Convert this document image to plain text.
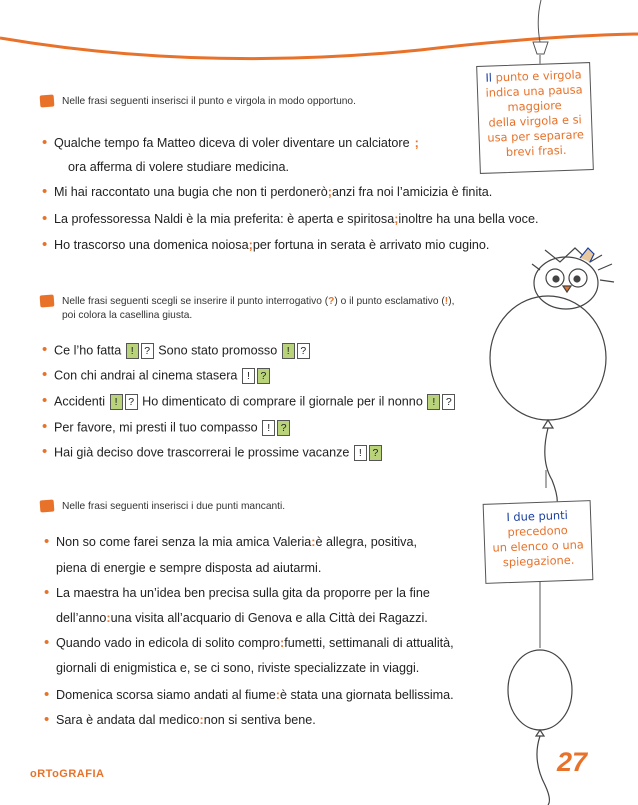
Il punto e virgola
indica una pausa
maggiore
della virgola e si
usa per separare
brevi frasi.
Nelle frasi seguenti inserisci il punto e virgola in modo opportuno.
• Qualche tempo fa Matteo diceva di voler diventare un calciatore ;
ora afferma di volere studiare medicina.
• Mi hai raccontato una bugia che non ti perdonerò;anzi fra noi l’amicizia è finita.
• La professoressa Naldi è la mia preferita: è aperta e spiritosa;inoltre ha una bella voce.
• Ho trascorso una domenica noiosa;per fortuna in serata è arrivato mio cugino.
Nelle frasi seguenti scegli se inserire il punto interrogativo (?) o il punto esclamativo (!),
poi colora la casellina giusta.
• Ce l’ho fatta ! ? Sono stato promosso ! ?
• Con chi andrai al cinema stasera ! ?
• Accidenti ! ? Ho dimenticato di comprare il giornale per il nonno ! ?
• Per favore, mi presti il tuo compasso ! ?
• Hai già deciso dove trascorrerai le prossime vacanze ! ?
I due punti
precedono
un elenco o una
spiegazione.
Nelle frasi seguenti inserisci i due punti mancanti.
• Non so come farei senza la mia amica Valeria:è allegra, positiva,
piena di energie e sempre disposta ad aiutarmi.
• La maestra ha un’idea ben precisa sulla gita da proporre per la fine
dell’anno:una visita all’acquario di Genova e alla Città dei Ragazzi.
• Quando vado in edicola di solito compro:fumetti, settimanali di attualità,
giornali di enigmistica e, se ci sono, riviste specializzate in viaggi.
• Domenica scorsa siamo andati al fiume:è stata una giornata bellissima.
• Sara è andata dal medico:non si sentiva bene.
oRToGRAFIA	27
